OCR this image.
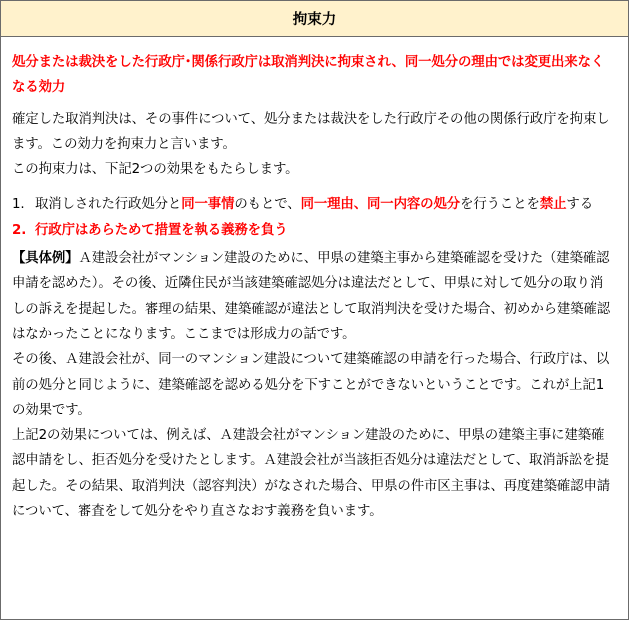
拘束力

処分または裁決をした行政庁･関係行政庁は取消判決に拘束され、同一処分の理由では変更出来なくなる効力

確定した取消判決は、その事件について、処分または裁決をした行政庁その他の関係行政庁を拘束します。この効力を拘束力と言います。

この拘束力は、下記2つの効果をもたらします。

1. 取消しされた行政処分と同一事情のもとで、同一理由、同一内容の処分を行うことを禁止する
2. 行政庁はあらためて措置を執る義務を負う

【具体例】Ａ建設会社がマンション建設のために、甲県の建築主事から建築確認を受けた（建築確認申請を認めた）。その後、近隣住民が当該建築確認処分は違法だとして、甲県に対して処分の取り消しの訴えを提起した。審理の結果、建築確認が違法として取消判決を受けた場合、初めから建築確認はなかったことになります。ここまでは形成力の話です。

その後、Ａ建設会社が、同一のマンション建設について建築確認の申請を行った場合、行政庁は、以前の処分と同じように、建築確認を認める処分を下すことができないということです。これが上記1の効果です。

上記2の効果については、例えば、Ａ建設会社がマンション建設のために、甲県の建築主事に建築確認申請をし、拒否処分を受けたとします。Ａ建設会社が当該拒否処分は違法だとして、取消訴訟を提起した。その結果、取消判決（認容判決）がなされた場合、甲県の件市区主事は、再度建築確認申請について、審査をして処分をやり直さなおす義務を負います。
